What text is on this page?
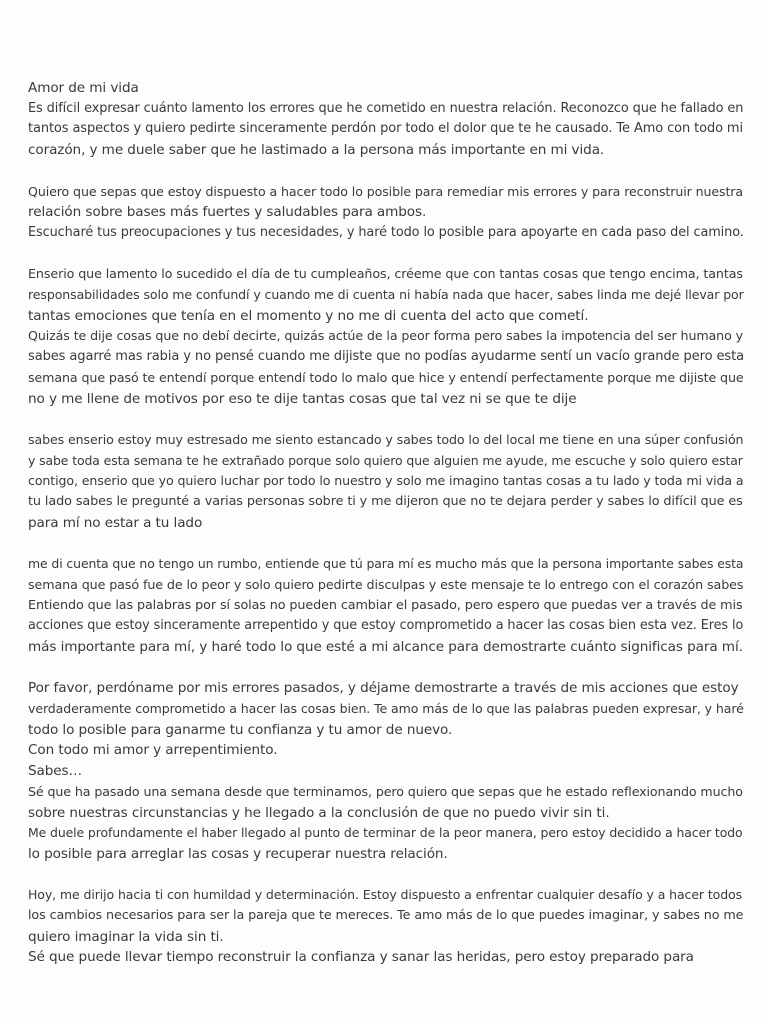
Amor de mi vida
Es difícil expresar cuánto lamento los errores que he cometido en nuestra relación. Reconozco que he fallado en
tantos aspectos y quiero pedirte sinceramente perdón por todo el dolor que te he causado. Te Amo con todo mi
corazón, y me duele saber que he lastimado a la persona más importante en mi vida.
Quiero que sepas que estoy dispuesto a hacer todo lo posible para remediar mis errores y para reconstruir nuestra
relación sobre bases más fuertes y saludables para ambos.
Escucharé tus preocupaciones y tus necesidades, y haré todo lo posible para apoyarte en cada paso del camino.
Enserio que lamento lo sucedido el día de tu cumpleaños, créeme que con tantas cosas que tengo encima, tantas
responsabilidades solo me confundí y cuando me di cuenta ni había nada que hacer, sabes linda me dejé llevar por
tantas emociones que tenía en el momento y no me di cuenta del acto que cometí.
Quizás te dije cosas que no debí decirte, quizás actúe de la peor forma pero sabes la impotencia del ser humano y
sabes agarré mas rabia y no pensé cuando me dijiste que no podías ayudarme sentí un vacío grande pero esta
semana que pasó te entendí porque entendí todo lo malo que hice y entendí perfectamente porque me dijiste que
no y me llene de motivos por eso te dije tantas cosas que tal vez ni se que te dije
sabes enserio estoy muy estresado me siento estancado y sabes todo lo del local me tiene en una súper confusión
y sabe toda esta semana te he extrañado porque solo quiero que alguien me ayude, me escuche y solo quiero estar
contigo, enserio que yo quiero luchar por todo lo nuestro y solo me imagino tantas cosas a tu lado y toda mi vida a
tu lado sabes le pregunté a varias personas sobre ti y me dijeron que no te dejara perder y sabes lo difícil que es
para mí no estar a tu lado
me di cuenta que no tengo un rumbo, entiende que tú para mí es mucho más que la persona importante sabes esta
semana que pasó fue de lo peor y solo quiero pedirte disculpas y este mensaje te lo entrego con el corazón sabes
Entiendo que las palabras por sí solas no pueden cambiar el pasado, pero espero que puedas ver a través de mis
acciones que estoy sinceramente arrepentido y que estoy comprometido a hacer las cosas bien esta vez. Eres lo
más importante para mí, y haré todo lo que esté a mi alcance para demostrarte cuánto significas para mí.
Por favor, perdóname por mis errores pasados, y déjame demostrarte a través de mis acciones que estoy
verdaderamente comprometido a hacer las cosas bien. Te amo más de lo que las palabras pueden expresar, y haré
todo lo posible para ganarme tu confianza y tu amor de nuevo.
Con todo mi amor y arrepentimiento.
Sabes…
Sé que ha pasado una semana desde que terminamos, pero quiero que sepas que he estado reflexionando mucho
sobre nuestras circunstancias y he llegado a la conclusión de que no puedo vivir sin ti.
Me duele profundamente el haber llegado al punto de terminar de la peor manera, pero estoy decidido a hacer todo
lo posible para arreglar las cosas y recuperar nuestra relación.
Hoy, me dirijo hacia ti con humildad y determinación. Estoy dispuesto a enfrentar cualquier desafío y a hacer todos
los cambios necesarios para ser la pareja que te mereces. Te amo más de lo que puedes imaginar, y sabes no me
quiero imaginar la vida sin ti.
Sé que puede llevar tiempo reconstruir la confianza y sanar las heridas, pero estoy preparado para
